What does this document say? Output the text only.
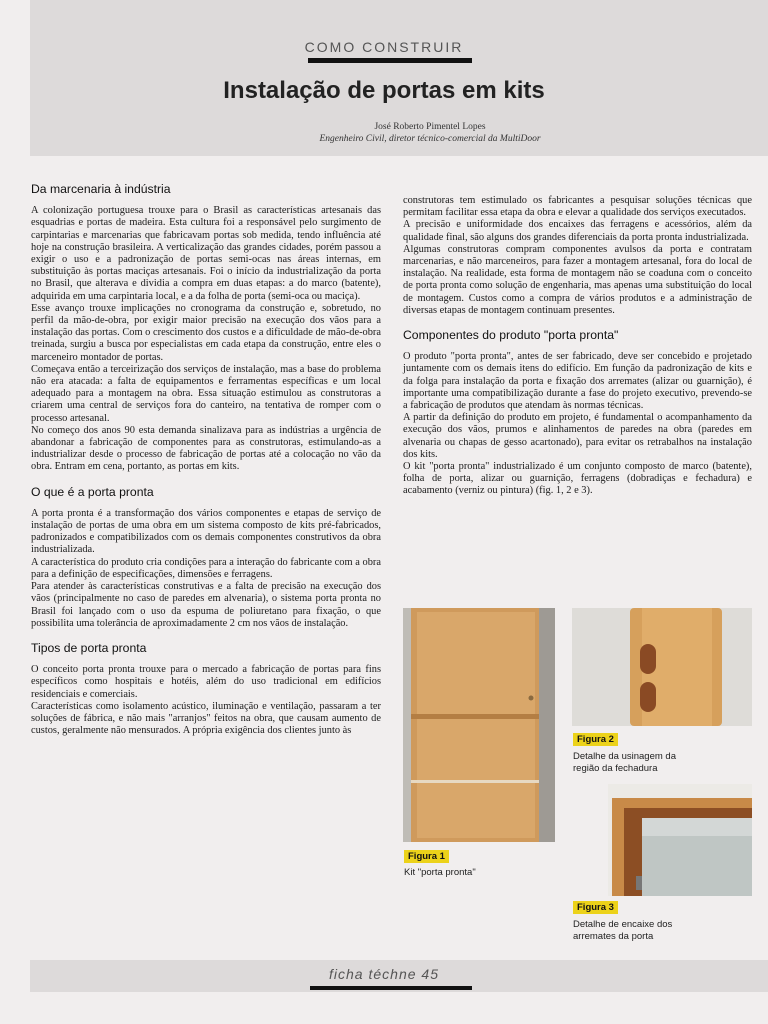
COMO CONSTRUIR
Instalação de portas em kits
José Roberto Pimentel Lopes
Engenheiro Civil, diretor técnico-comercial da MultiDoor
Da marcenaria à indústria

A colonização portuguesa trouxe para o Brasil as características artesanais das esquadrias e portas de madeira. Esta cultura foi a responsável pelo surgimento de carpintarias e marcenarias que fabricavam portas sob medida, tendo influência até hoje na construção brasileira. A verticalização das grandes cidades, porém passou a exigir o uso e a padronização de portas semi-ocas nas áreas internas, em substituição às portas maciças artesanais. Foi o início da industrialização da porta no Brasil, que alterava e dividia a compra em duas etapas: a do marco (batente), adquirida em uma carpintaria local, e a da folha de porta (semi-oca ou maciça).

Esse avanço trouxe implicações no cronograma da construção e, sobretudo, no perfil da mão-de-obra, por exigir maior precisão na execução dos vãos para a instalação das portas. Com o crescimento dos custos e a dificuldade de mão-de-obra treinada, surgiu a busca por especialistas em cada etapa da construção, entre eles o marceneiro montador de portas.

Começava então a terceirização dos serviços de instalação, mas a base do problema não era atacada: a falta de equipamentos e ferramentas específicas e um local adequado para a montagem na obra. Essa situação estimulou as construtoras a criarem uma central de serviços fora do canteiro, na tentativa de romper com o processo artesanal.

No começo dos anos 90 esta demanda sinalizava para as indústrias a urgência de abandonar a fabricação de componentes para as construtoras, estimulando-as a industrializar desde o processo de fabricação de portas até a colocação no vão da obra. Entram em cena, portanto, as portas em kits.

O que é a porta pronta

A porta pronta é a transformação dos vários componentes e etapas de serviço de instalação de portas de uma obra em um sistema composto de kits pré-fabricados, padronizados e compatibilizados com os demais componentes construtivos da obra industrializada.

A característica do produto cria condições para a interação do fabricante com a obra para a definição de especificações, dimensões e ferragens.

Para atender às características construtivas e a falta de precisão na execução dos vãos (principalmente no caso de paredes em alvenaria), o sistema porta pronta no Brasil foi lançado com o uso da espuma de poliuretano para fixação, o que possibilita uma tolerância de aproximadamente 2 cm nos vãos de instalação.

Tipos de porta pronta

O conceito porta pronta trouxe para o mercado a fabricação de portas para fins específicos como hospitais e hotéis, além do uso tradicional em edifícios residenciais e comerciais.

Características como isolamento acústico, iluminação e ventilação, passaram a ter soluções de fábrica, e não mais "arranjos" feitos na obra, que causam aumento de custos, geralmente não mensurados. A própria exigência dos clientes junto às

construtoras tem estimulado os fabricantes a pesquisar soluções técnicas que permitam facilitar essa etapa da obra e elevar a qualidade dos serviços executados.

A precisão e uniformidade dos encaixes das ferragens e acessórios, além da qualidade final, são alguns dos grandes diferenciais da porta pronta industrializada.

Algumas construtoras compram componentes avulsos da porta e contratam marcenarias, e não marceneiros, para fazer a montagem artesanal, fora do local de instalação. Na realidade, esta forma de montagem não se coaduna com o conceito de porta pronta como solução de engenharia, mas apenas uma substituição do local de montagem. Custos como a compra de vários produtos e a administração de diversas etapas de montagem continuam presentes.

Componentes do produto "porta pronta"

O produto "porta pronta", antes de ser fabricado, deve ser concebido e projetado juntamente com os demais itens do edifício. Em função da padronização de kits e da folga para instalação da porta e fixação dos arremates (alizar ou guarnição), é importante uma compatibilização durante a fase do projeto executivo, prevendo-se a fabricação de produtos que atendam às normas técnicas.

A partir da definição do produto em projeto, é fundamental o acompanhamento da execução dos vãos, prumos e alinhamentos de paredes na obra (paredes em alvenaria ou chapas de gesso acartonado), para evitar os retrabalhos na instalação dos kits.

O kit "porta pronta" industrializado é um conjunto composto de marco (batente), folha de porta, alizar ou guarnição, ferragens (dobradiças e fechadura) e acabamento (verniz ou pintura) (fig. 1, 2 e 3).

Figura 1
Kit "porta pronta"
Figura 2
Detalhe da usinagem da
região da fechadura
Figura 3
Detalhe de encaixe dos
arremates da porta
ficha téchne 45
